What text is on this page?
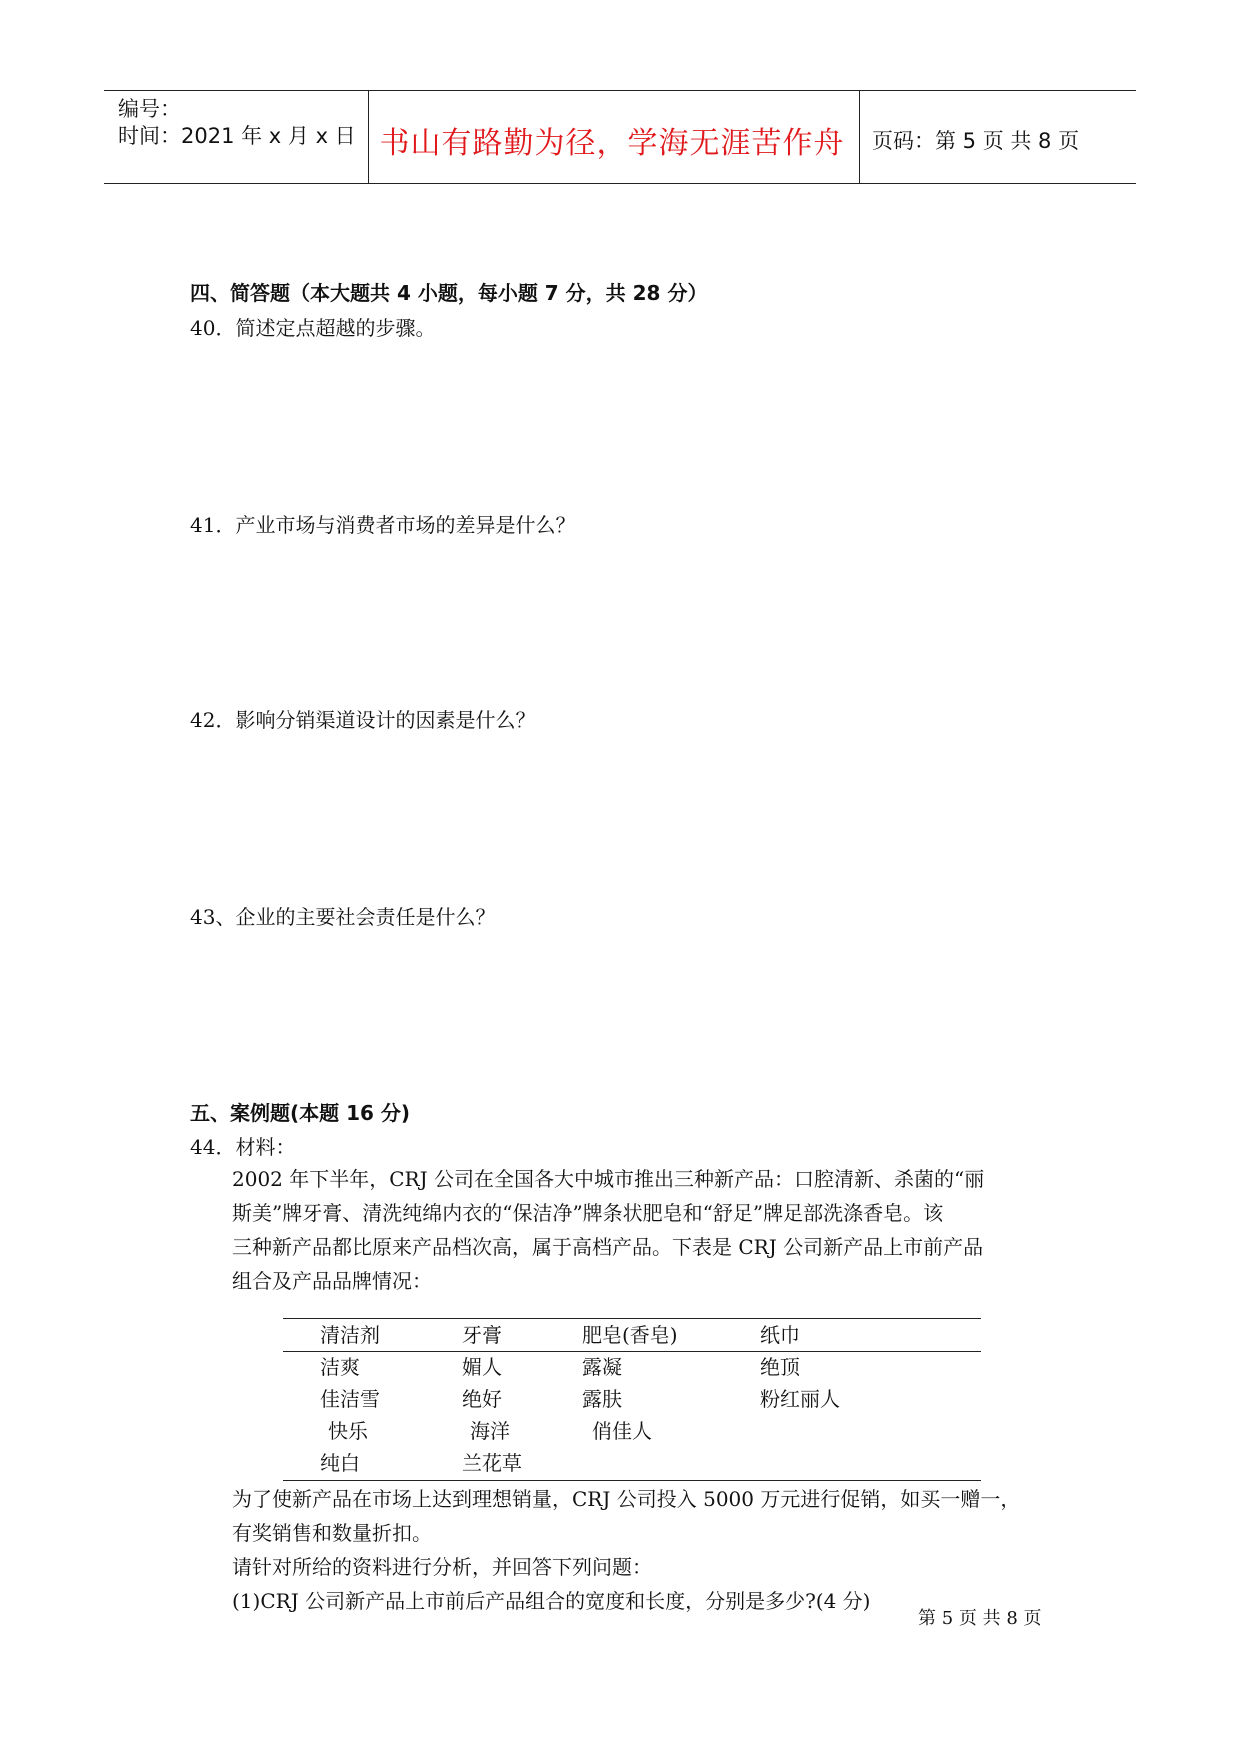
编号：
时间：2021 年 x 月 x 日 书山有路勤为径，学海无涯苦作舟	页码：第 5 页 共 8 页
四、简答题（本大题共 4 小题，每小题 7 分，共 28 分）
40．简述定点超越的步骤。
41．产业市场与消费者市场的差异是什么？
42．影响分销渠道设计的因素是什么？
43、企业的主要社会责任是什么？
五、案例题(本题 16 分)
44．材料：
2002 年下半年，CRJ 公司在全国各大中城市推出三种新产品：口腔清新、杀菌的“丽
斯美”牌牙膏、清洗纯绵内衣的“保洁净”牌条状肥皂和“舒足”牌足部洗涤香皂。该
三种新产品都比原来产品档次高，属于高档产品。下表是 CRJ 公司新产品上市前产品
组合及产品品牌情况：
清洁剂	牙膏	肥皂(香皂)	纸巾
洁爽	媚人	露凝	绝顶
佳洁雪	绝好	露肤	粉红丽人
快乐	海洋	俏佳人
纯白	兰花草
为了使新产品在市场上达到理想销量，CRJ 公司投入 5000 万元进行促销，如买一赠一，
有奖销售和数量折扣。
请针对所给的资料进行分析，并回答下列问题：
(1)CRJ 公司新产品上市前后产品组合的宽度和长度，分别是多少?(4 分)
第 5 页 共 8 页
